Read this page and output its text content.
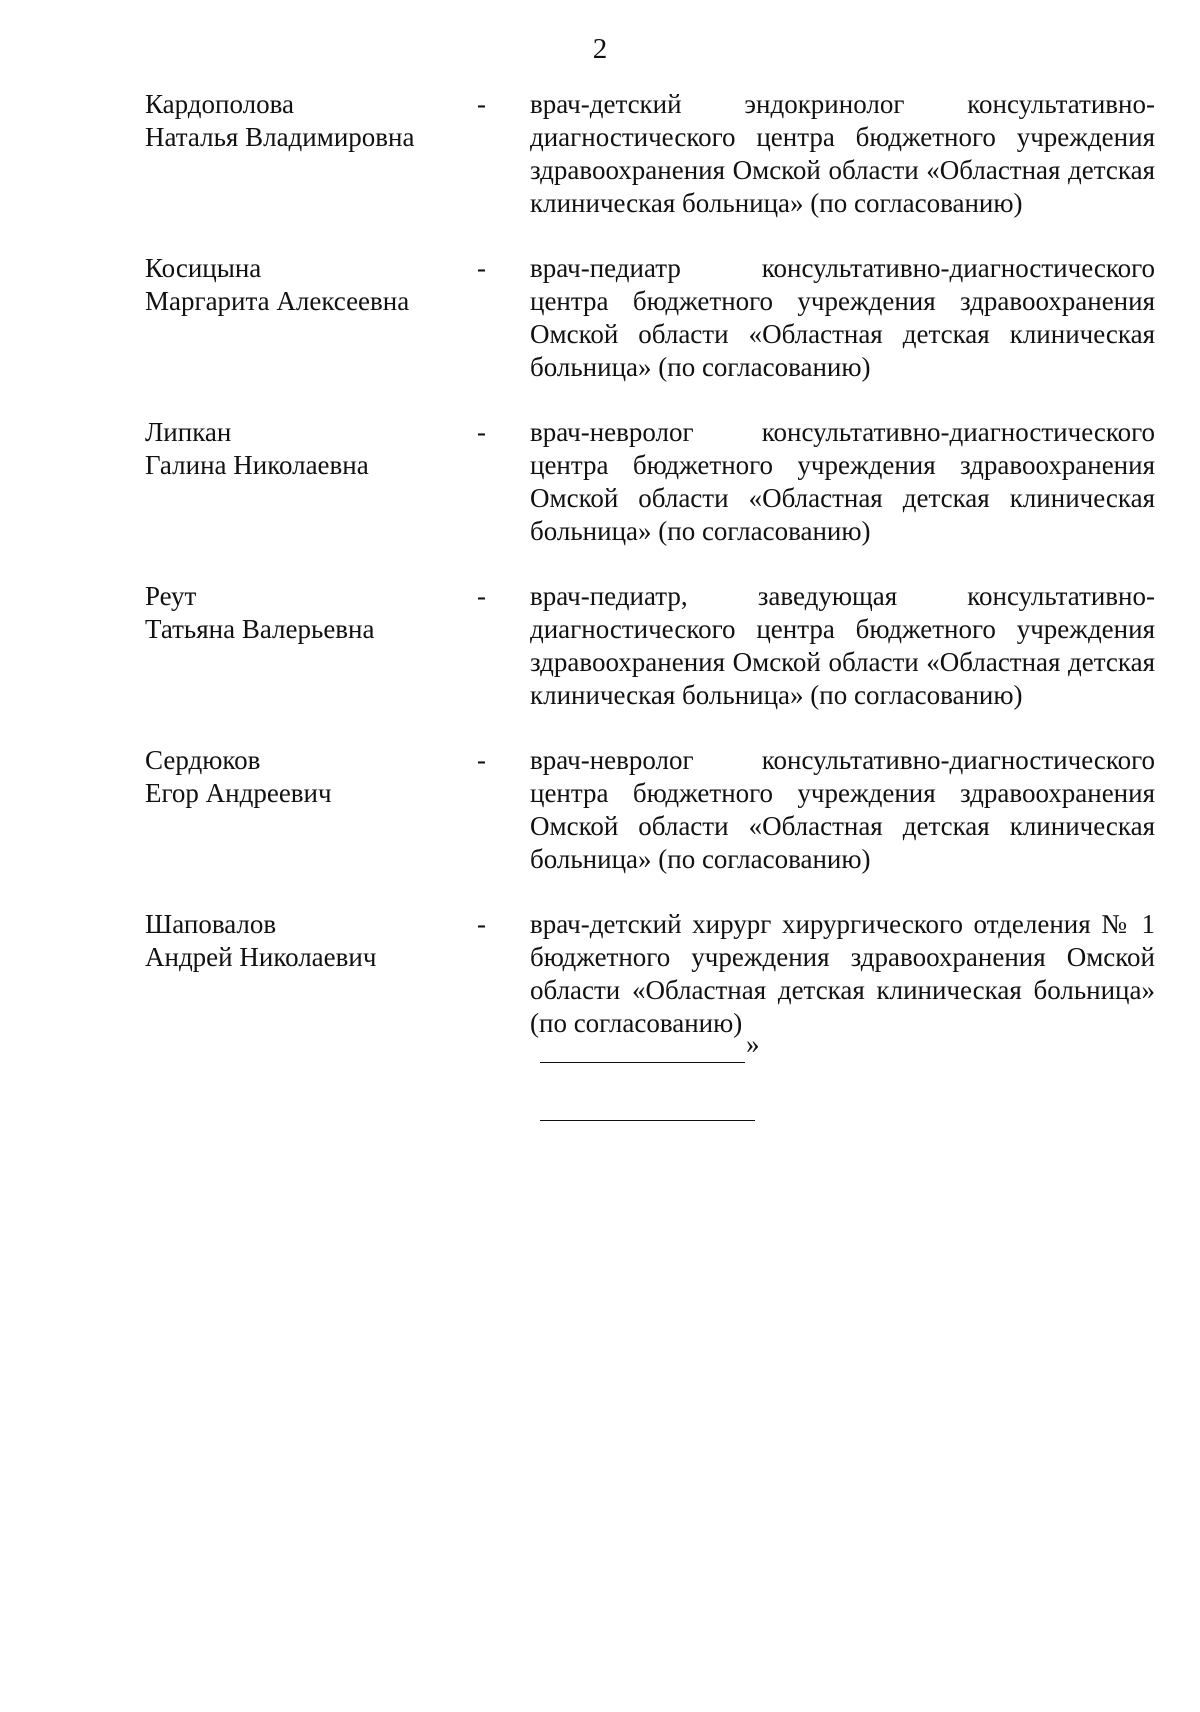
2
Кардополова
Наталья Владимировна
-	врач-детский эндокринолог консультативно-диагностического центра бюджетного учреждения здравоохранения Омской области «Областная детская клиническая больница» (по согласованию)
Косицына
Маргарита Алексеевна
-	врач-педиатр консультативно-диагностического центра бюджетного учреждения здравоохранения Омской области «Областная детская клиническая больница» (по согласованию)
Липкан
Галина Николаевна
-	врач-невролог консультативно-диагностического центра бюджетного учреждения здравоохранения Омской области «Областная детская клиническая больница» (по согласованию)
Реут
Татьяна Валерьевна
-	врач-педиатр, заведующая консультативно-диагностического центра бюджетного учреждения здравоохранения Омской области «Областная детская клиническая больница» (по согласованию)
Сердюков
Егор Андреевич
-	врач-невролог консультативно-диагностического центра бюджетного учреждения здравоохранения Омской области «Областная детская клиническая больница» (по согласованию)
Шаповалов
Андрей Николаевич
-	врач-детский хирург хирургического отделения № 1 бюджетного учреждения здравоохранения Омской области «Областная детская клиническая больница» (по согласованию)
»
